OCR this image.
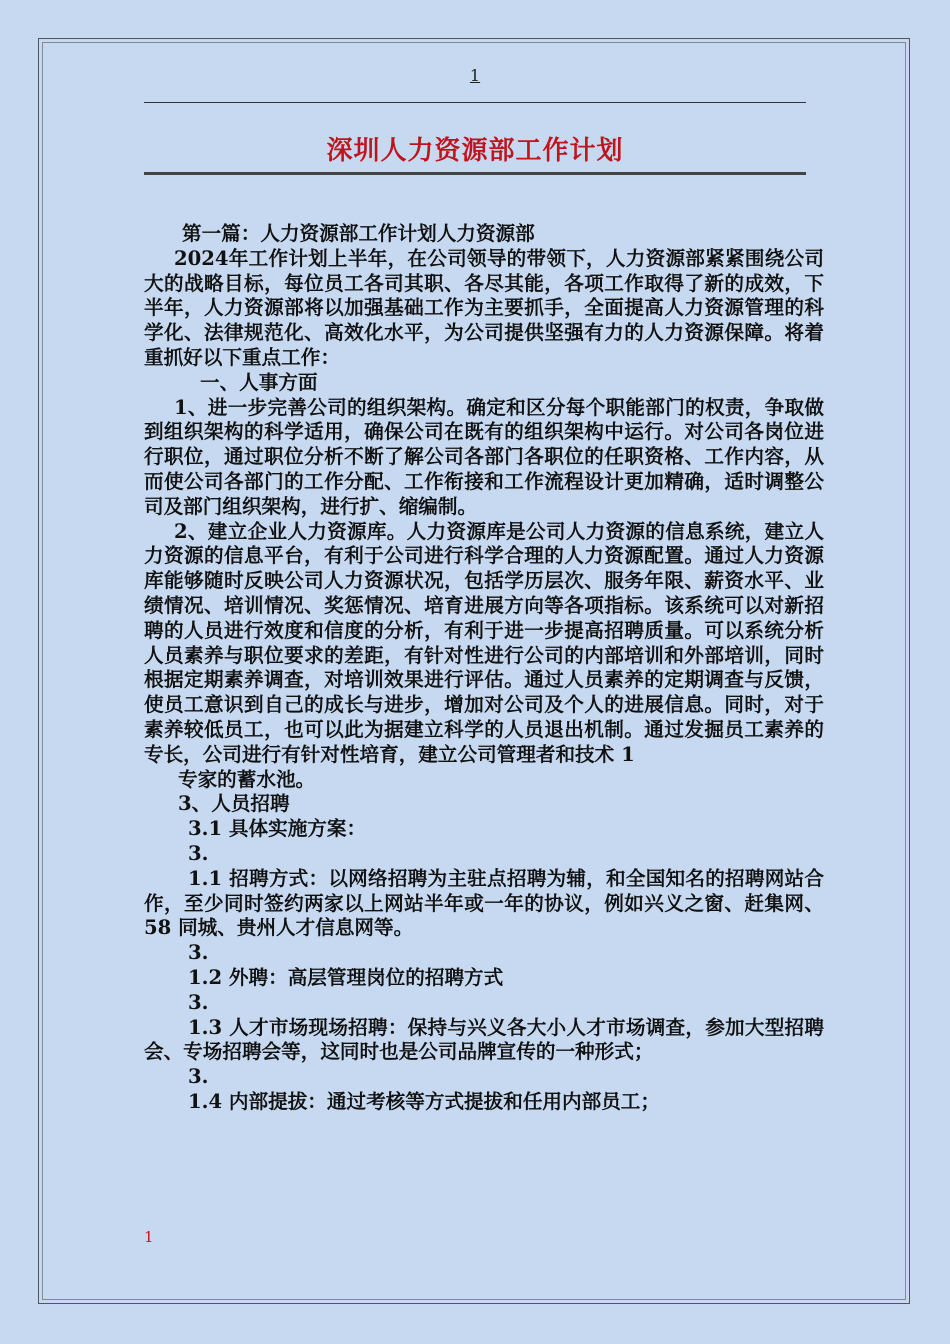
1
深圳人力资源部工作计划

第一篇：人力资源部工作计划人力资源部

2024年工作计划上半年，在公司领导的带领下，人力资源部紧紧围绕公司大的战略目标，每位员工各司其职、各尽其能，各项工作取得了新的成效，下半年，人力资源部将以加强基础工作为主要抓手，全面提高人力资源管理的科学化、法律规范化、高效化水平，为公司提供坚强有力的人力资源保障。将着重抓好以下重点工作：

一、人事方面

1、进一步完善公司的组织架构。确定和区分每个职能部门的权责，争取做到组织架构的科学适用，确保公司在既有的组织架构中运行。对公司各岗位进行职位，通过职位分析不断了解公司各部门各职位的任职资格、工作内容，从而使公司各部门的工作分配、工作衔接和工作流程设计更加精确，适时调整公司及部门组织架构，进行扩、缩编制。

2、建立企业人力资源库。人力资源库是公司人力资源的信息系统，建立人力资源的信息平台，有利于公司进行科学合理的人力资源配置。通过人力资源库能够随时反映公司人力资源状况，包括学历层次、服务年限、薪资水平、业绩情况、培训情况、奖惩情况、培育进展方向等各项指标。该系统可以对新招聘的人员进行效度和信度的分析，有利于进一步提高招聘质量。可以系统分析人员素养与职位要求的差距，有针对性进行公司的内部培训和外部培训，同时根据定期素养调查，对培训效果进行评估。通过人员素养的定期调查与反馈，使员工意识到自己的成长与进步，增加对公司及个人的进展信息。同时，对于素养较低员工，也可以此为据建立科学的人员退出机制。通过发掘员工素养的专长，公司进行有针对性培育，建立公司管理者和技术 1

专家的蓄水池。

3、人员招聘

3.1 具体实施方案：

3.

1.1 招聘方式：以网络招聘为主驻点招聘为辅，和全国知名的招聘网站合作，至少同时签约两家以上网站半年或一年的协议，例如兴义之窗、赶集网、58 同城、贵州人才信息网等。

3.

1.2 外聘：高层管理岗位的招聘方式

3.

1.3 人才市场现场招聘：保持与兴义各大小人才市场调查，参加大型招聘会、专场招聘会等，这同时也是公司品牌宣传的一种形式；

3.

1.4 内部提拔：通过考核等方式提拔和任用内部员工；

1
